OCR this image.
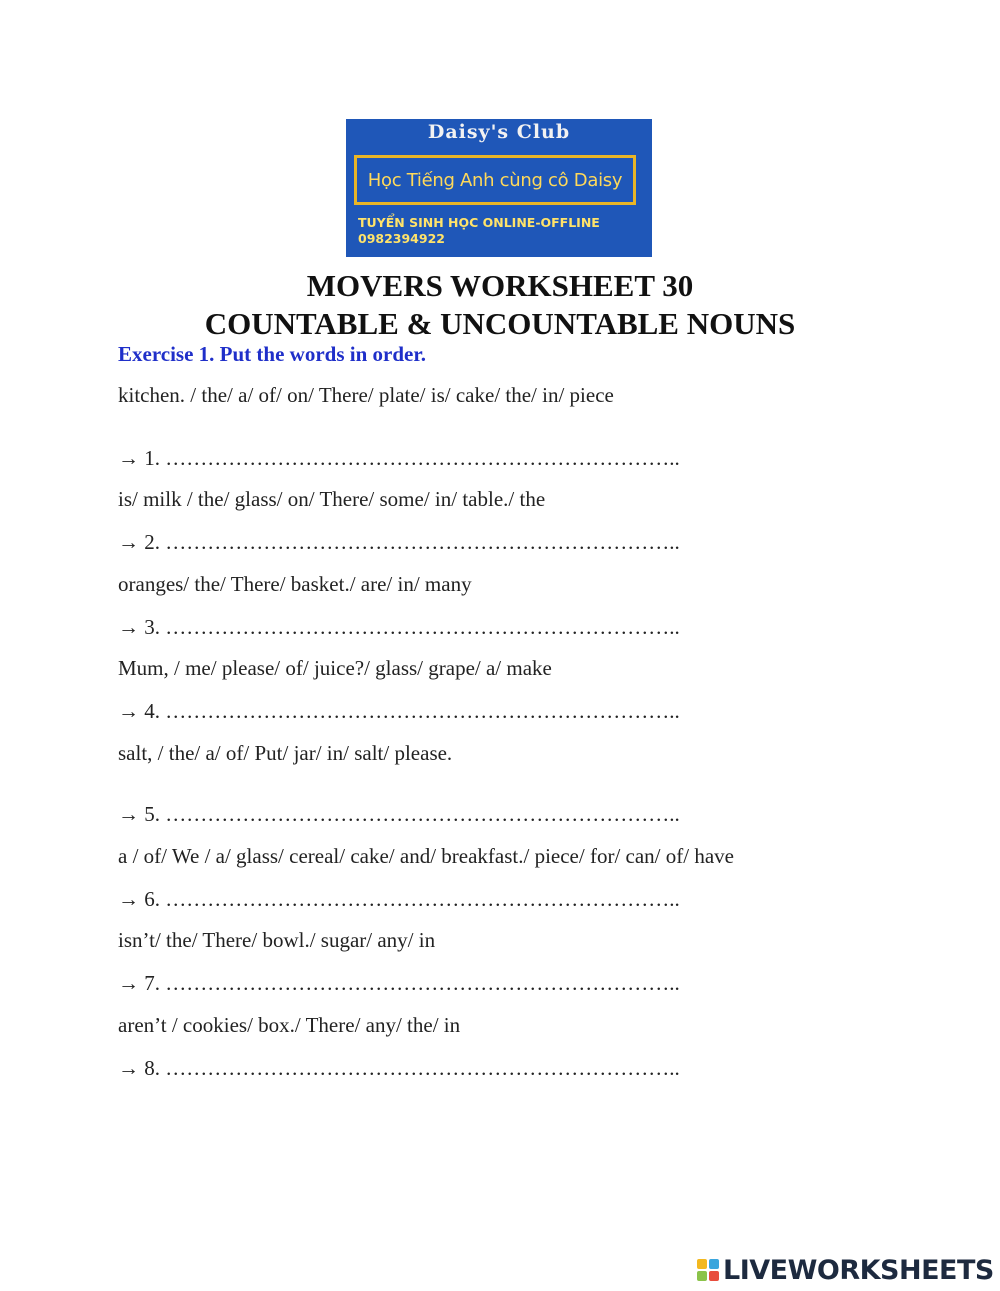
Daisy's Club
Học Tiếng Anh cùng cô Daisy
TUYỂN SINH HỌC ONLINE-OFFLINE
0982394922
MOVERS WORKSHEET 30
COUNTABLE & UNCOUNTABLE NOUNS
Exercise 1. Put the words in order.
kitchen. / the/ a/ of/ on/ There/ plate/ is/ cake/ the/ in/ piece
→ 1. ………………………………………………………………..
is/ milk / the/ glass/ on/ There/ some/ in/ table./ the
→ 2. ………………………………………………………………..
oranges/ the/ There/ basket./ are/ in/ many
→ 3. ………………………………………………………………..
Mum, / me/ please/ of/ juice?/ glass/ grape/ a/ make
→ 4. ………………………………………………………………..
salt, / the/ a/ of/ Put/ jar/ in/ salt/ please.
→ 5. ………………………………………………………………..
a / of/ We / a/ glass/ cereal/ cake/ and/ breakfast./ piece/ for/ can/ of/ have
→ 6. ………………………………………………………………..
isn’t/ the/ There/ bowl./ sugar/ any/ in
→ 7. ………………………………………………………………..
aren’t / cookies/ box./ There/ any/ the/ in
→ 8. ………………………………………………………………..
LIVEWORKSHEETS
